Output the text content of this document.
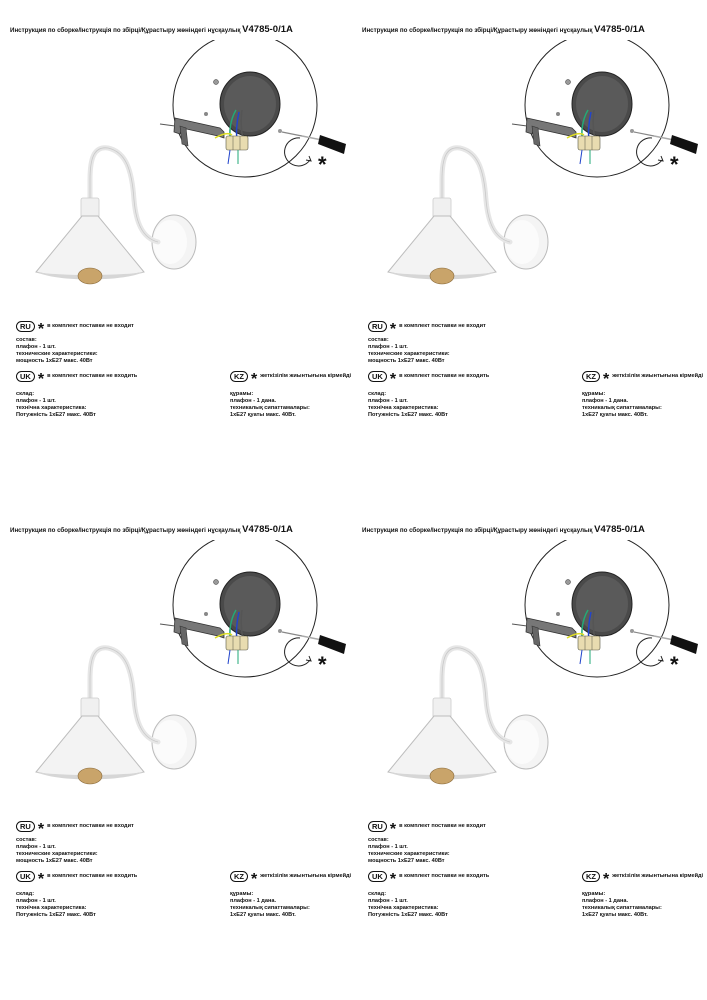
Инструкция по сборке/Інструкція по збірці/Құрастыру жөніндегі нұсқаулық V4785-0/1A
*
RU * в комплект поставки не входит
состав:
плафон - 1 шт.
технические характеристики:
мощность 1хE27 макс. 40Вт
UK * в комплект поставки не входить
склад:
плафон - 1 шт.
технічна характеристика:
Потужність 1хE27 макс. 40Вт
KZ * жеткізілім жиынтығына кірмейді
құрамы:
плафон - 1 дана.
техникалық сипаттамалары:
1хE27 қуаты макс. 40Вт.
Инструкция по сборке/Інструкція по збірці/Құрастыру жөніндегі нұсқаулық V4785-0/1A
*
RU * в комплект поставки не входит
состав:
плафон - 1 шт.
технические характеристики:
мощность 1хE27 макс. 40Вт
UK * в комплект поставки не входить
склад:
плафон - 1 шт.
технічна характеристика:
Потужність 1хE27 макс. 40Вт
KZ * жеткізілім жиынтығына кірмейді
құрамы:
плафон - 1 дана.
техникалық сипаттамалары:
1хE27 қуаты макс. 40Вт.
Инструкция по сборке/Інструкція по збірці/Құрастыру жөніндегі нұсқаулық V4785-0/1A
*
RU * в комплект поставки не входит
состав:
плафон - 1 шт.
технические характеристики:
мощность 1хE27 макс. 40Вт
UK * в комплект поставки не входить
склад:
плафон - 1 шт.
технічна характеристика:
Потужність 1хE27 макс. 40Вт
KZ * жеткізілім жиынтығына кірмейді
құрамы:
плафон - 1 дана.
техникалық сипаттамалары:
1хE27 қуаты макс. 40Вт.
Инструкция по сборке/Інструкція по збірці/Құрастыру жөніндегі нұсқаулық V4785-0/1A
*
RU * в комплект поставки не входит
состав:
плафон - 1 шт.
технические характеристики:
мощность 1хE27 макс. 40Вт
UK * в комплект поставки не входить
склад:
плафон - 1 шт.
технічна характеристика:
Потужність 1хE27 макс. 40Вт
KZ * жеткізілім жиынтығына кірмейді
құрамы:
плафон - 1 дана.
техникалық сипаттамалары:
1хE27 қуаты макс. 40Вт.
